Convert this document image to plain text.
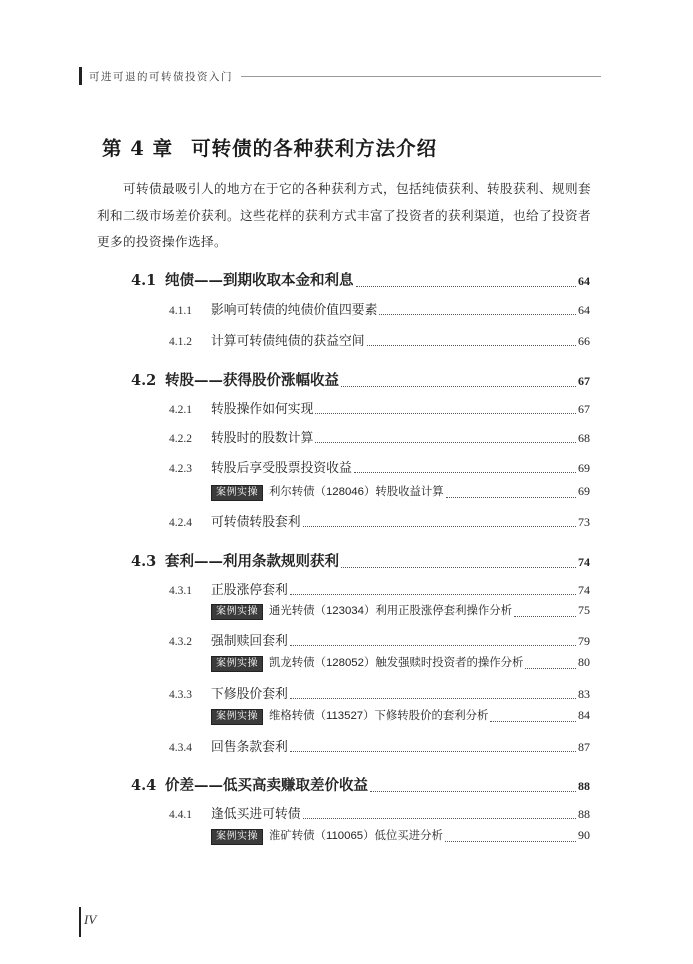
可进可退的可转债投资入门
第 4 章 可转债的各种获利方法介绍

可转债最吸引人的地方在于它的各种获利方式，包括纯债获利、转股获利、规则套利和二级市场差价获利。这些花样的获利方式丰富了投资者的获利渠道，也给了投资者更多的投资操作选择。

4.1 纯债——到期收取本金和利息	64
4.1.1	影响可转债的纯债价值四要素	64
4.1.2	计算可转债纯债的获益空间	66
4.2 转股——获得股价涨幅收益	67
4.2.1	转股操作如何实现	67
4.2.2	转股时的股数计算	68
4.2.3	转股后享受股票投资收益	69
案例实操 利尔转债（128046）转股收益计算	69
4.2.4	可转债转股套利	73
4.3 套利——利用条款规则获利	74
4.3.1	正股涨停套利	74
案例实操 通光转债（123034）利用正股涨停套利操作分析	75
4.3.2	强制赎回套利	79
案例实操 凯龙转债（128052）触发强赎时投资者的操作分析	80
4.3.3	下修股价套利	83
案例实操 维格转债（113527）下修转股价的套利分析	84
4.3.4	回售条款套利	87
4.4 价差——低买高卖赚取差价收益	88
4.4.1	逢低买进可转债	88
案例实操 淮矿转债（110065）低位买进分析	90
IV
